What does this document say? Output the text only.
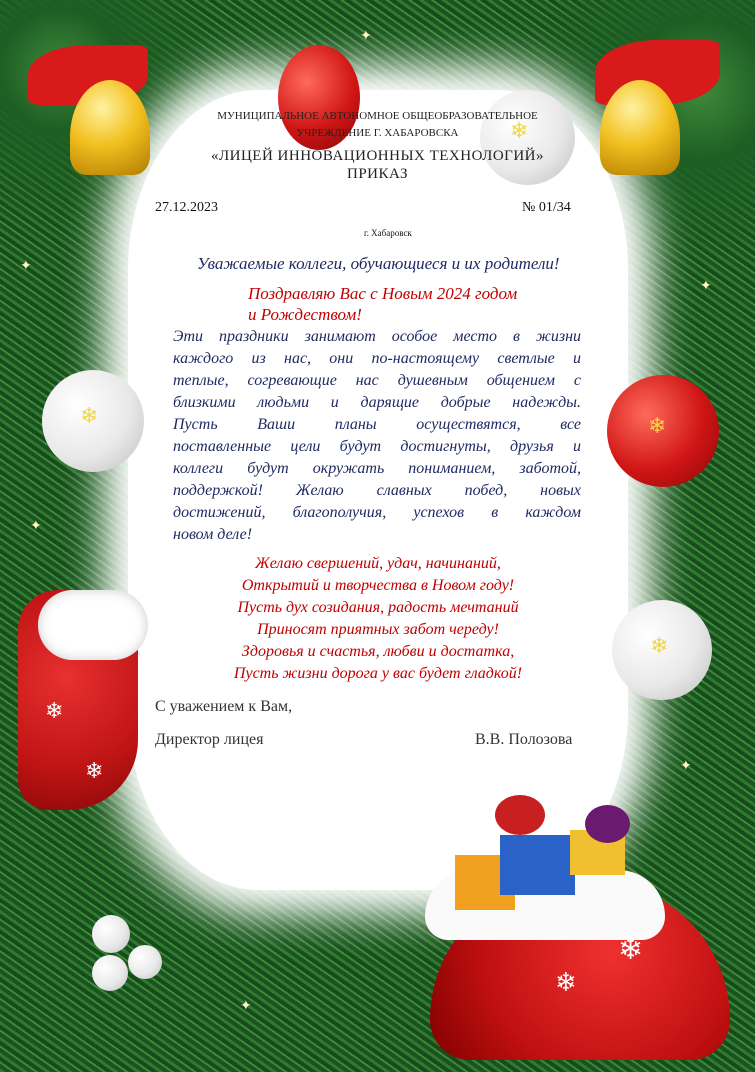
❄
❄	❄
❄
❄
❄
❄
❄
✦
✦
✦
✦
✦
✦

МУНИЦИПАЛЬНОЕ АВТОНОМНОЕ ОБЩЕОБРАЗОВАТЕЛЬНОЕ

УЧРЕЖДЕНИЕ Г. ХАБАРОВСКА

«ЛИЦЕЙ ИННОВАЦИОННЫХ ТЕХНОЛОГИЙ»

ПРИКАЗ

27.12.2023	№ 01/34

г. Хабаровск

Уважаемые коллеги, обучающиеся и их родители!

Поздравляю Вас с Новым 2024 годом

и Рождеством!

Эти праздники занимают особое место в жизни

каждого из нас, они по-настоящему светлые и

теплые, согревающие нас душевным общением с

близкими людьми и дарящие добрые надежды.

Пусть Ваши планы осуществятся, все

поставленные цели будут достигнуты, друзья и

коллеги будут окружать пониманием, заботой,

поддержкой! Желаю славных побед, новых

достижений, благополучия, успехов в каждом

новом деле!

Желаю свершений, удач, начинаний,

Открытий и творчества в Новом году!

Пусть дух созидания, радость мечтаний

Приносят приятных забот череду!

Здоровья и счастья, любви и достатка,

Пусть жизни дорога у вас будет гладкой!

С уважением к Вам,

Директор лицея	В.В. Полозова
